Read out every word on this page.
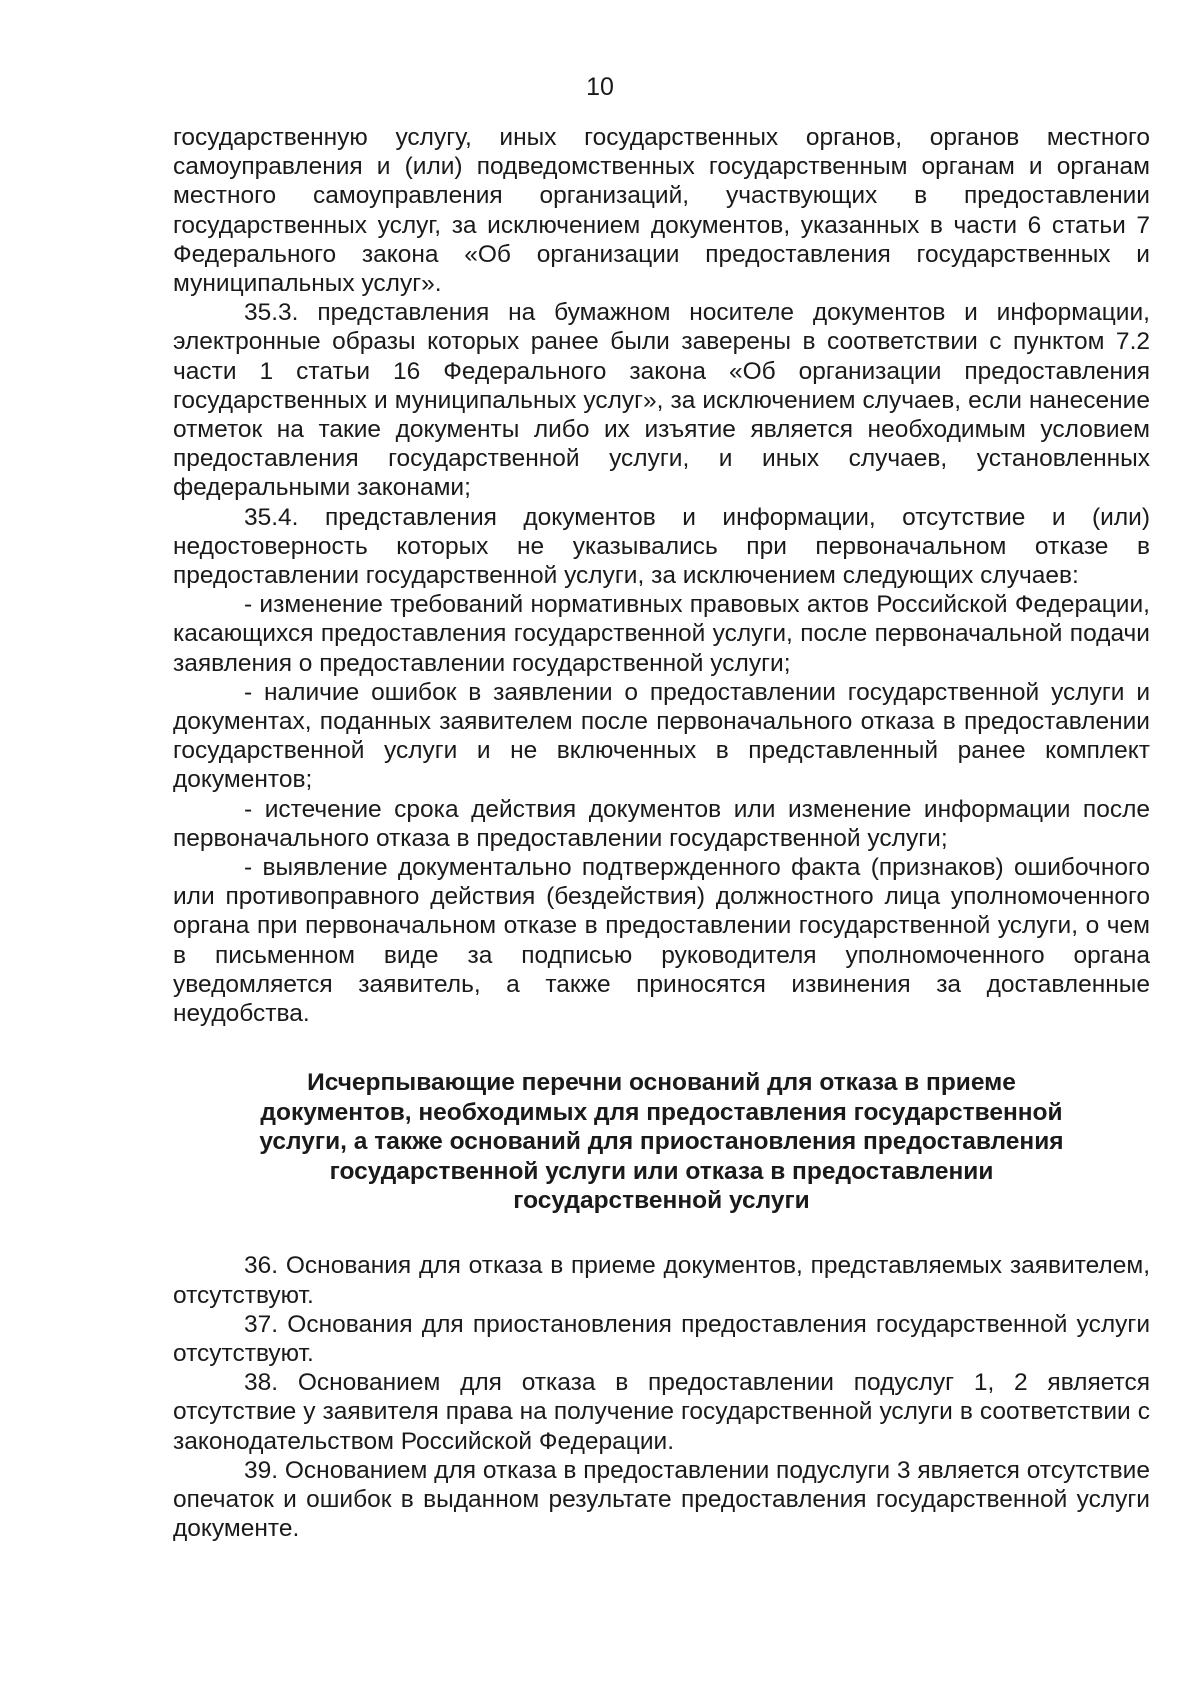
10

государственную услугу, иных государственных органов, органов местного самоуправления и (или) подведомственных государственным органам и органам местного самоуправления организаций, участвующих в предоставлении государственных услуг, за исключением документов, указанных в части 6 статьи 7 Федерального закона «Об организации предоставления государственных и муниципальных услуг».

35.3. представления на бумажном носителе документов и информации, электронные образы которых ранее были заверены в соответствии с пунктом 7.2 части 1 статьи 16 Федерального закона «Об организации предоставления государственных и муниципальных услуг», за исключением случаев, если нанесение отметок на такие документы либо их изъятие является необходимым условием предоставления государственной услуги, и иных случаев, установленных федеральными законами;

35.4. представления документов и информации, отсутствие и (или) недостоверность которых не указывались при первоначальном отказе в предоставлении государственной услуги, за исключением следующих случаев:

- изменение требований нормативных правовых актов Российской Федерации, касающихся предоставления государственной услуги, после первоначальной подачи заявления о предоставлении государственной услуги;

- наличие ошибок в заявлении о предоставлении государственной услуги и документах, поданных заявителем после первоначального отказа в предоставлении государственной услуги и не включенных в представленный ранее комплект документов;

- истечение срока действия документов или изменение информации после первоначального отказа в предоставлении государственной услуги;

- выявление документально подтвержденного факта (признаков) ошибочного или противоправного действия (бездействия) должностного лица уполномоченного органа при первоначальном отказе в предоставлении государственной услуги, о чем в письменном виде за подписью руководителя уполномоченного органа уведомляется заявитель, а также приносятся извинения за доставленные неудобства.

Исчерпывающие перечни оснований для отказа в приеме
документов, необходимых для предоставления государственной
услуги, а также оснований для приостановления предоставления
государственной услуги или отказа в предоставлении
государственной услуги

36. Основания для отказа в приеме документов, представляемых заявителем, отсутствуют.

37. Основания для приостановления предоставления государственной услуги отсутствуют.

38. Основанием для отказа в предоставлении подуслуг 1, 2 является отсутствие у заявителя права на получение государственной услуги в соответствии с законодательством Российской Федерации.

39. Основанием для отказа в предоставлении подуслуги 3 является отсутствие опечаток и ошибок в выданном результате предоставления государственной услуги документе.
